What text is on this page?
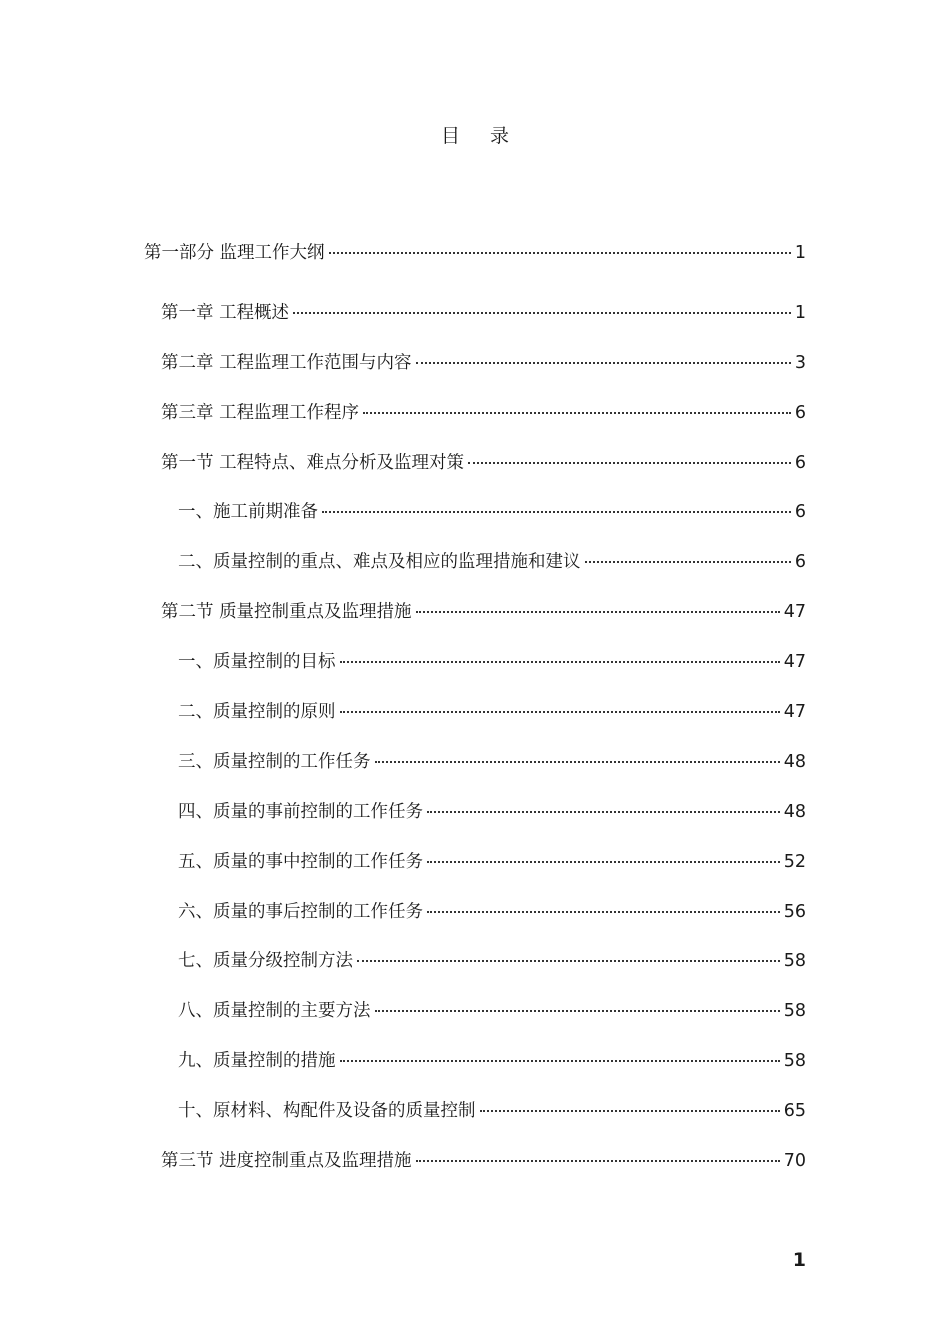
目 录
第一部分 监理工作大纲	1
第一章 工程概述	1
第二章 工程监理工作范围与内容	3
第三章 工程监理工作程序	6
第一节 工程特点、难点分析及监理对策	6
一、施工前期准备	6
二、质量控制的重点、难点及相应的监理措施和建议	6
第二节 质量控制重点及监理措施	47
一、质量控制的目标	47
二、质量控制的原则	47
三、质量控制的工作任务	48
四、质量的事前控制的工作任务	48
五、质量的事中控制的工作任务	52
六、质量的事后控制的工作任务	56
七、质量分级控制方法	58
八、质量控制的主要方法	58
九、质量控制的措施	58
十、原材料、构配件及设备的质量控制	65
第三节 进度控制重点及监理措施	70
1
